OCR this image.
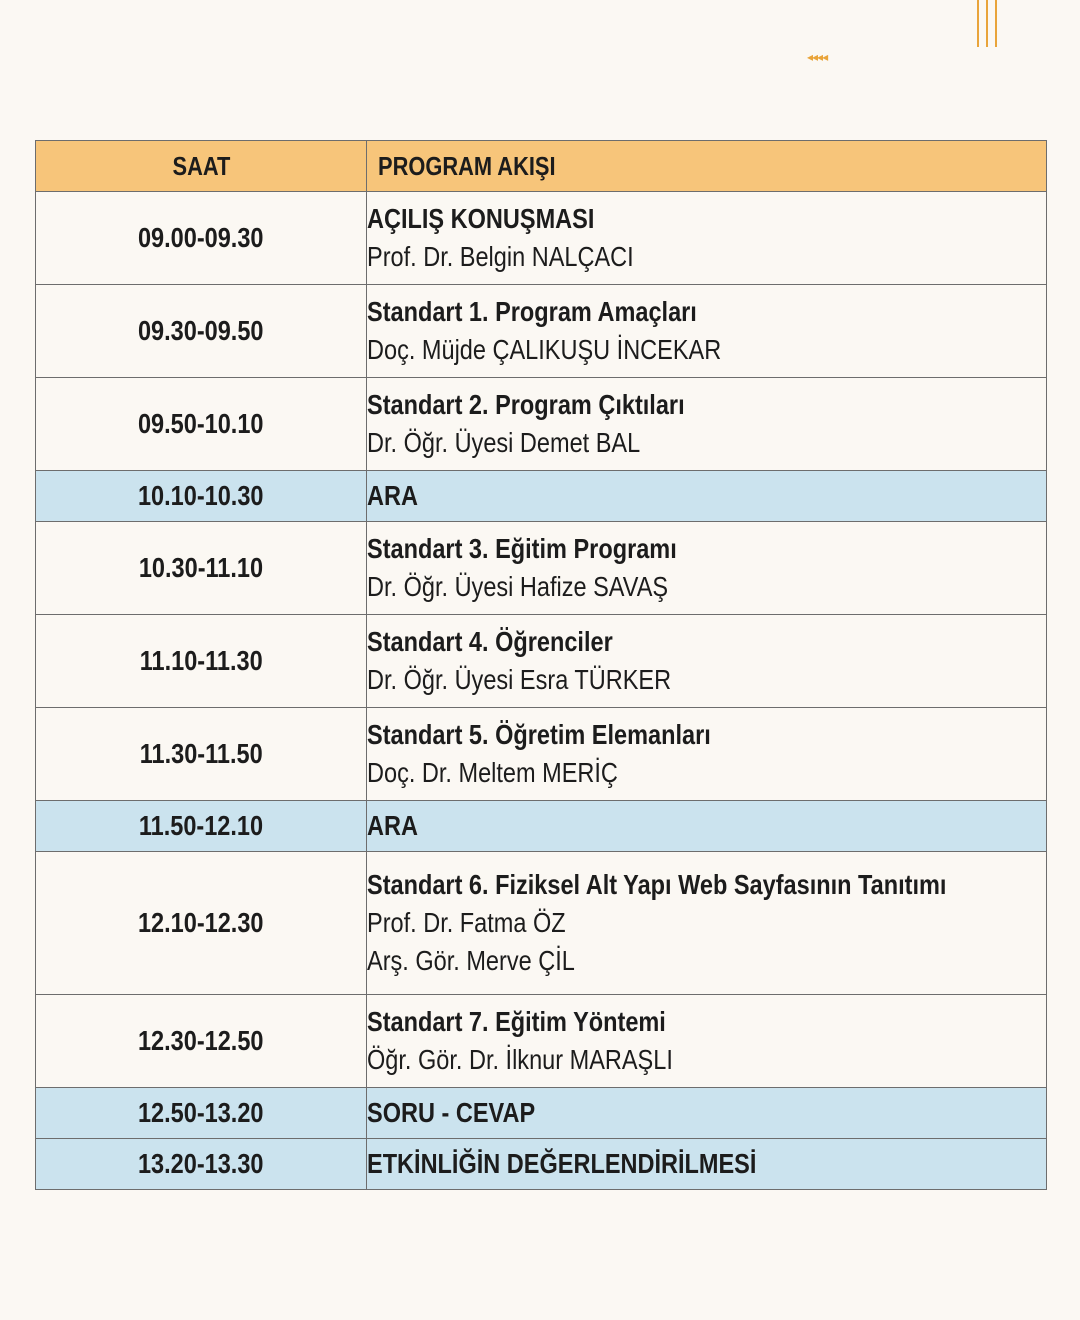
◂◂◂◂
SAAT	PROGRAM AKIŞI
09.00-09.30	AÇILIŞ KONUŞMASI
Prof. Dr. Belgin NALÇACI

09.30-09.50	Standart 1. Program Amaçları
Doç. Müjde ÇALIKUŞU İNCEKAR

09.50-10.10	Standart 2. Program Çıktıları
Dr. Öğr. Üyesi Demet BAL

10.10-10.30	ARA

10.30-11.10	Standart 3. Eğitim Programı
Dr. Öğr. Üyesi Hafize SAVAŞ

11.10-11.30	Standart 4. Öğrenciler
Dr. Öğr. Üyesi Esra TÜRKER

11.30-11.50	Standart 5. Öğretim Elemanları
Doç. Dr. Meltem MERİÇ

11.50-12.10	ARA

12.10-12.30	Standart 6. Fiziksel Alt Yapı Web Sayfasının Tanıtımı
Prof. Dr. Fatma ÖZ
Arş. Gör. Merve ÇİL

12.30-12.50	Standart 7. Eğitim Yöntemi
Öğr. Gör. Dr. İlknur MARAŞLI

12.50-13.20	SORU - CEVAP

13.20-13.30	ETKİNLİĞİN DEĞERLENDİRİLMESİ
